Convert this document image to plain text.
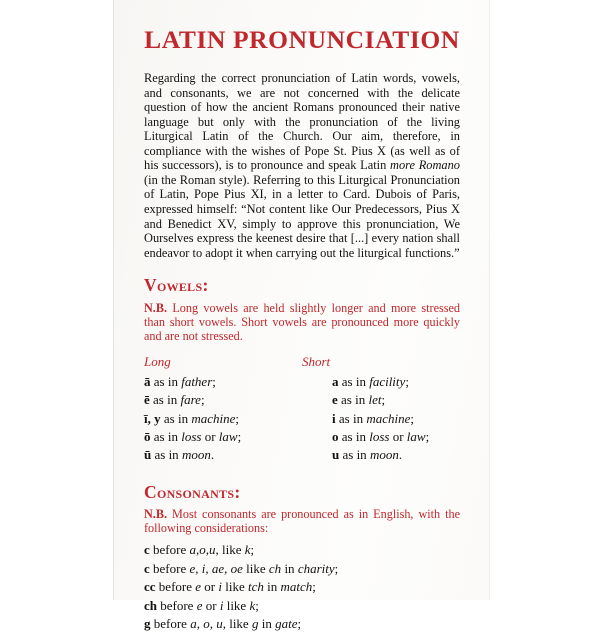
LATIN PRONUNCIATION

Regarding the correct pronunciation of Latin words, vowels, and consonants, we are not concerned with the delicate question of how the ancient Romans pronounced their native language but only with the pronunciation of the living Liturgical Latin of the Church. Our aim, therefore, in compliance with the wishes of Pope St. Pius X (as well as of his successors), is to pronounce and speak Latin more Romano (in the Roman style). Referring to this Liturgical Pronunciation of Latin, Pope Pius XI, in a letter to Card. Dubois of Paris, expressed himself: “Not content like Our Predecessors, Pius X and Benedict XV, simply to approve this pronunciation, We Ourselves express the keenest desire that [...] every nation shall endeavor to adopt it when carrying out the liturgical functions.”

Vowels:

N.B. Long vowels are held slightly longer and more stressed than short vowels. Short vowels are pronounced more quickly and are not stressed.

Long	Short
ā as in father;	a as in facility;
ē as in fare;	e as in let;
ī, y as in machine;	i as in machine;
ō as in loss or law;	o as in loss or law;
ū as in moon.	u as in moon.
Consonants:

N.B. Most consonants are pronounced as in English, with the following considerations:

c before a,o,u, like k;
c before e, i, ae, oe like ch in charity;
cc before e or i like tch in match;
ch before e or i like k;
g before a, o, u, like g in gate;
